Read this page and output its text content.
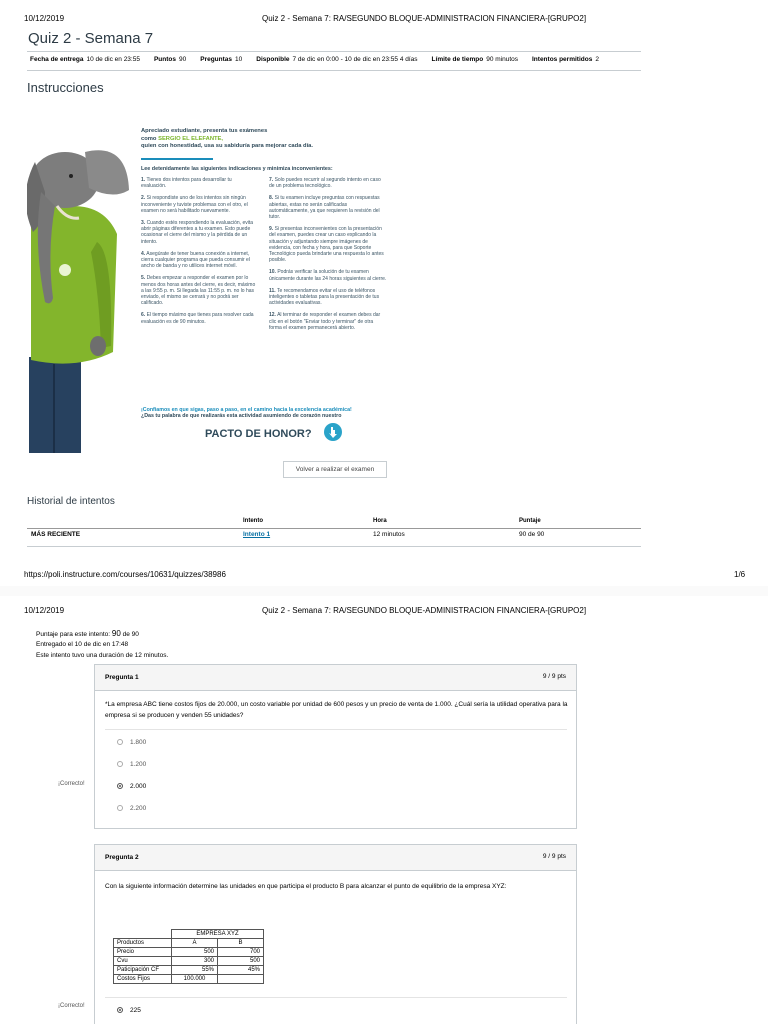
10/12/2019	Quiz 2 - Semana 7: RA/SEGUNDO BLOQUE-ADMINISTRACION FINANCIERA-[GRUPO2]
Quiz 2 - Semana 7
Fecha de entrega 10 de dic en 23:55 Puntos 90 Preguntas 10 Disponible 7 de dic en 0:00 - 10 de dic en 23:55 4 días Límite de tiempo 90 minutos Intentos permitidos 2
Instrucciones
Apreciado estudiante, presenta tus exámenes
como SERGIO EL ELEFANTE,
quien con honestidad, usa su sabiduría para mejorar cada día.
Lee detenidamente las siguientes indicaciones y minimiza inconvenientes:
1. Tienes dos intentos para desarrollar tu evaluación.
2. Si respondiste uno de los intentos sin ningún inconveniente y tuviste problemas con el otro, el examen no será habilitado nuevamente.
3. Cuando estés respondiendo la evaluación, evita abrir páginas diferentes a tu examen. Esto puede ocasionar el cierre del mismo y la pérdida de un intento.
4. Asegúrate de tener buena conexión a internet, cierra cualquier programa que pueda consumir el ancho de banda y no utilices internet móvil.
5. Debes empezar a responder el examen por lo menos dos horas antes del cierre, es decir, máximo a las 9:55 p. m. Si llegada las 11:55 p. m. no lo has enviado, el mismo se cerrará y no podrá ser calificado.
6. El tiempo máximo que tienes para resolver cada evaluación es de 90 minutos.
7. Solo puedes recurrir al segundo intento en caso de un problema tecnológico.
8. Si tu examen incluye preguntas con respuestas abiertas, estas no serán calificadas automáticamente, ya que requieren la revisión del tutor.
9. Si presentas inconvenientes con la presentación del examen, puedes crear un caso explicando la situación y adjuntando siempre imágenes de evidencia, con fecha y hora, para que Soporte Tecnológico pueda brindarte una respuesta lo antes posible.
10. Podrás verificar la solución de tu examen únicamente durante las 24 horas siguientes al cierre.
11. Te recomendamos evitar el uso de teléfonos inteligentes o tabletas para la presentación de tus actividades evaluativas.
12. Al terminar de responder el examen debes dar clic en el botón "Enviar todo y terminar" de otra forma el examen permanecerá abierto.
¡Confiamos en que sigas, paso a paso, en el camino hacia la excelencia académica!
¿Das tu palabra de que realizarás esta actividad asumiendo de corazón nuestro
PACTO DE HONOR?
Volver a realizar el examen
Historial de intentos
Intento	Hora	Puntaje
MÁS RECIENTE	Intento 1	12 minutos	90 de 90
https://poli.instructure.com/courses/10631/quizzes/38986	1/6
10/12/2019	Quiz 2 - Semana 7: RA/SEGUNDO BLOQUE-ADMINISTRACION FINANCIERA-[GRUPO2]
Puntaje para este intento: 90 de 90
Entregado el 10 de dic en 17:48
Este intento tuvo una duración de 12 minutos.
Pregunta 1	9 / 9 pts
*La empresa ABC tiene costos fijos de 20.000, un costo variable por unidad de 600 pesos y un precio de venta de 1.000. ¿Cuál sería la utilidad operativa para la empresa si se producen y venden 55 unidades?
1.800
1.200
2.000
2.200
¡Correcto!
Pregunta 2	9 / 9 pts
Con la siguiente información determine las unidades en que participa el producto B para alcanzar el punto de equilibrio de la empresa XYZ:
	EMPRESA XYZ	
Productos	A	B
Precio	500	700
Cvu	300	500
Paticipación CF	55%	45%
Costos Fijos	100.000	
225
¡Correcto!
